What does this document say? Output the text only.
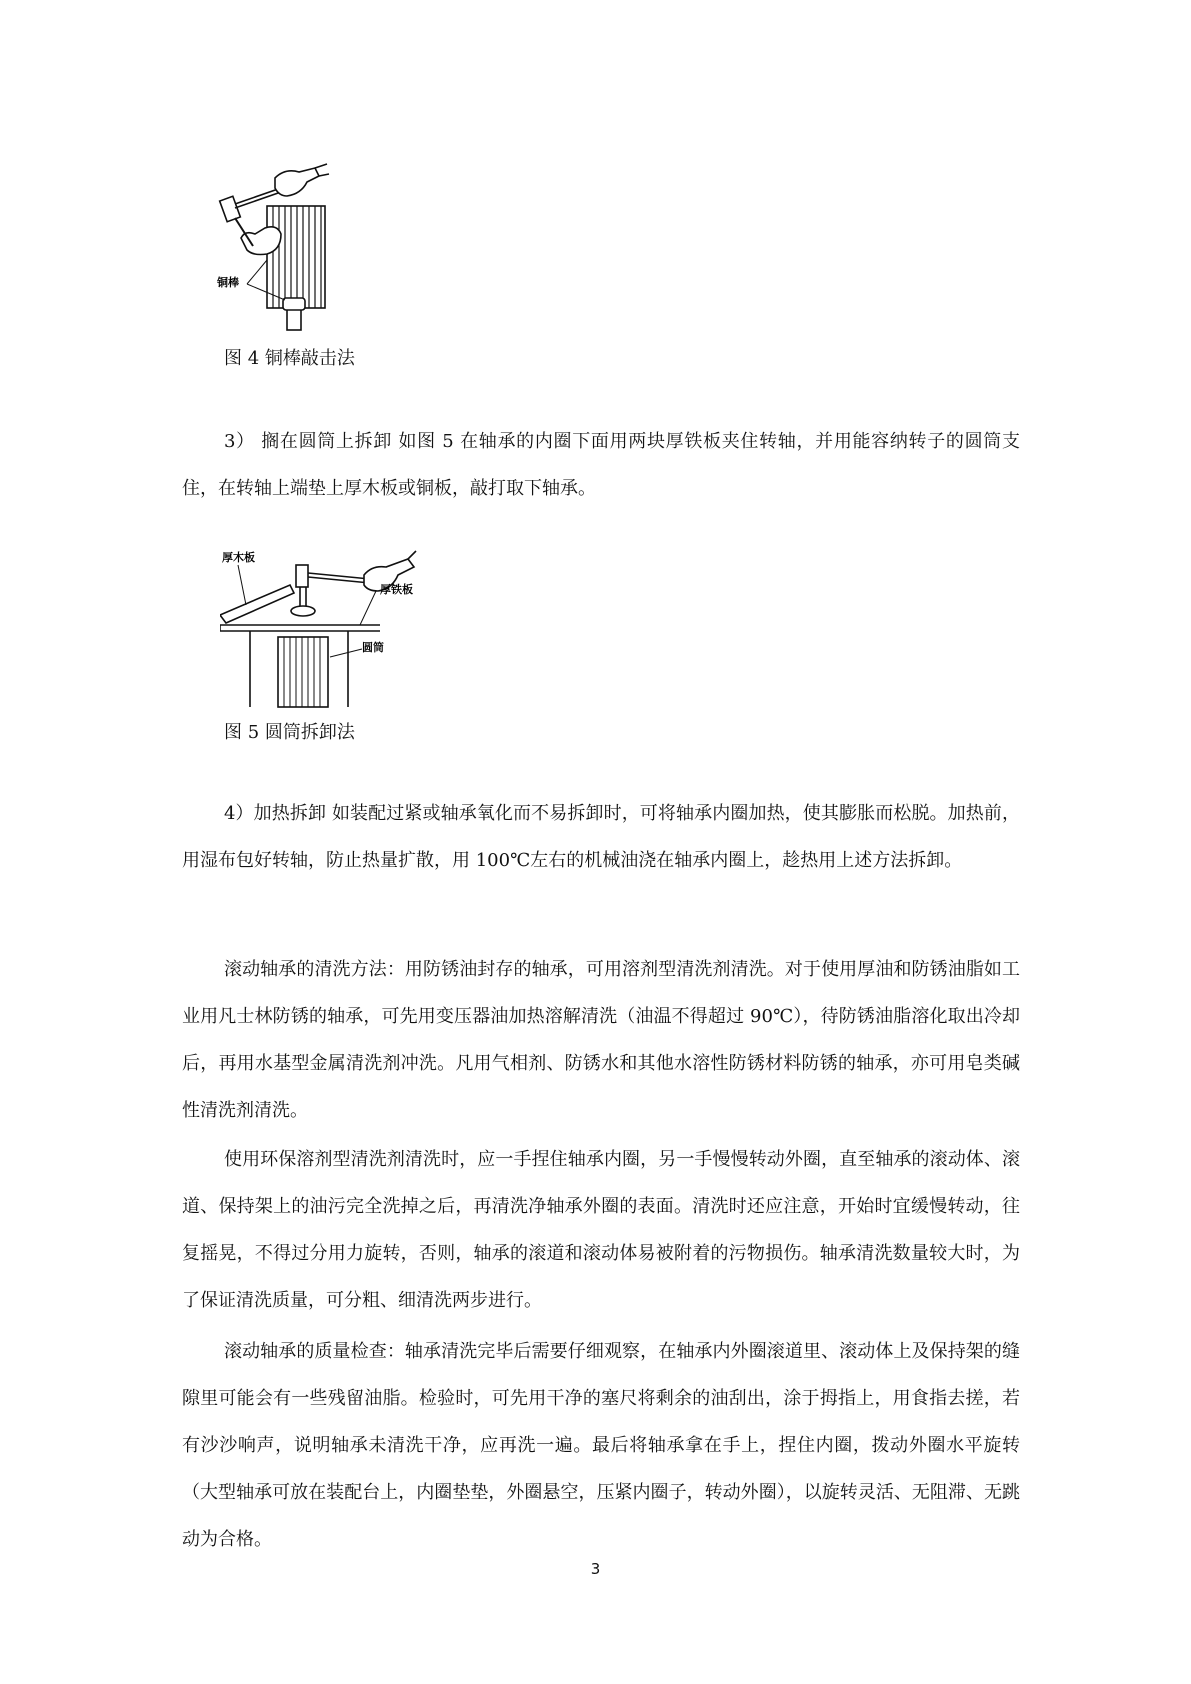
铜棒
图 4 铜棒敲击法

3） 搁在圆筒上拆卸 如图 5 在轴承的内圈下面用两块厚铁板夹住转轴，并用能容纳转子的圆筒支住，在转轴上端垫上厚木板或铜板，敲打取下轴承。

厚木板
厚铁板
圆筒
图 5 圆筒拆卸法

4）加热拆卸 如装配过紧或轴承氧化而不易拆卸时，可将轴承内圈加热，使其膨胀而松脱。加热前，用湿布包好转轴，防止热量扩散，用 100℃左右的机械油浇在轴承内圈上，趁热用上述方法拆卸。

滚动轴承的清洗方法：用防锈油封存的轴承，可用溶剂型清洗剂清洗。对于使用厚油和防锈油脂如工业用凡士林防锈的轴承，可先用变压器油加热溶解清洗（油温不得超过 90℃），待防锈油脂溶化取出冷却后，再用水基型金属清洗剂冲洗。凡用气相剂、防锈水和其他水溶性防锈材料防锈的轴承，亦可用皂类碱性清洗剂清洗。

使用环保溶剂型清洗剂清洗时，应一手捏住轴承内圈，另一手慢慢转动外圈，直至轴承的滚动体、滚道、保持架上的油污完全洗掉之后，再清洗净轴承外圈的表面。清洗时还应注意，开始时宜缓慢转动，往复摇晃，不得过分用力旋转，否则，轴承的滚道和滚动体易被附着的污物损伤。轴承清洗数量较大时，为了保证清洗质量，可分粗、细清洗两步进行。

滚动轴承的质量检查：轴承清洗完毕后需要仔细观察，在轴承内外圈滚道里、滚动体上及保持架的缝隙里可能会有一些残留油脂。检验时，可先用干净的塞尺将剩余的油刮出，涂于拇指上，用食指去搓，若有沙沙响声，说明轴承未清洗干净，应再洗一遍。最后将轴承拿在手上，捏住内圈，拨动外圈水平旋转（大型轴承可放在装配台上，内圈垫垫，外圈悬空，压紧内圈子，转动外圈），以旋转灵活、无阻滞、无跳动为合格。

3
